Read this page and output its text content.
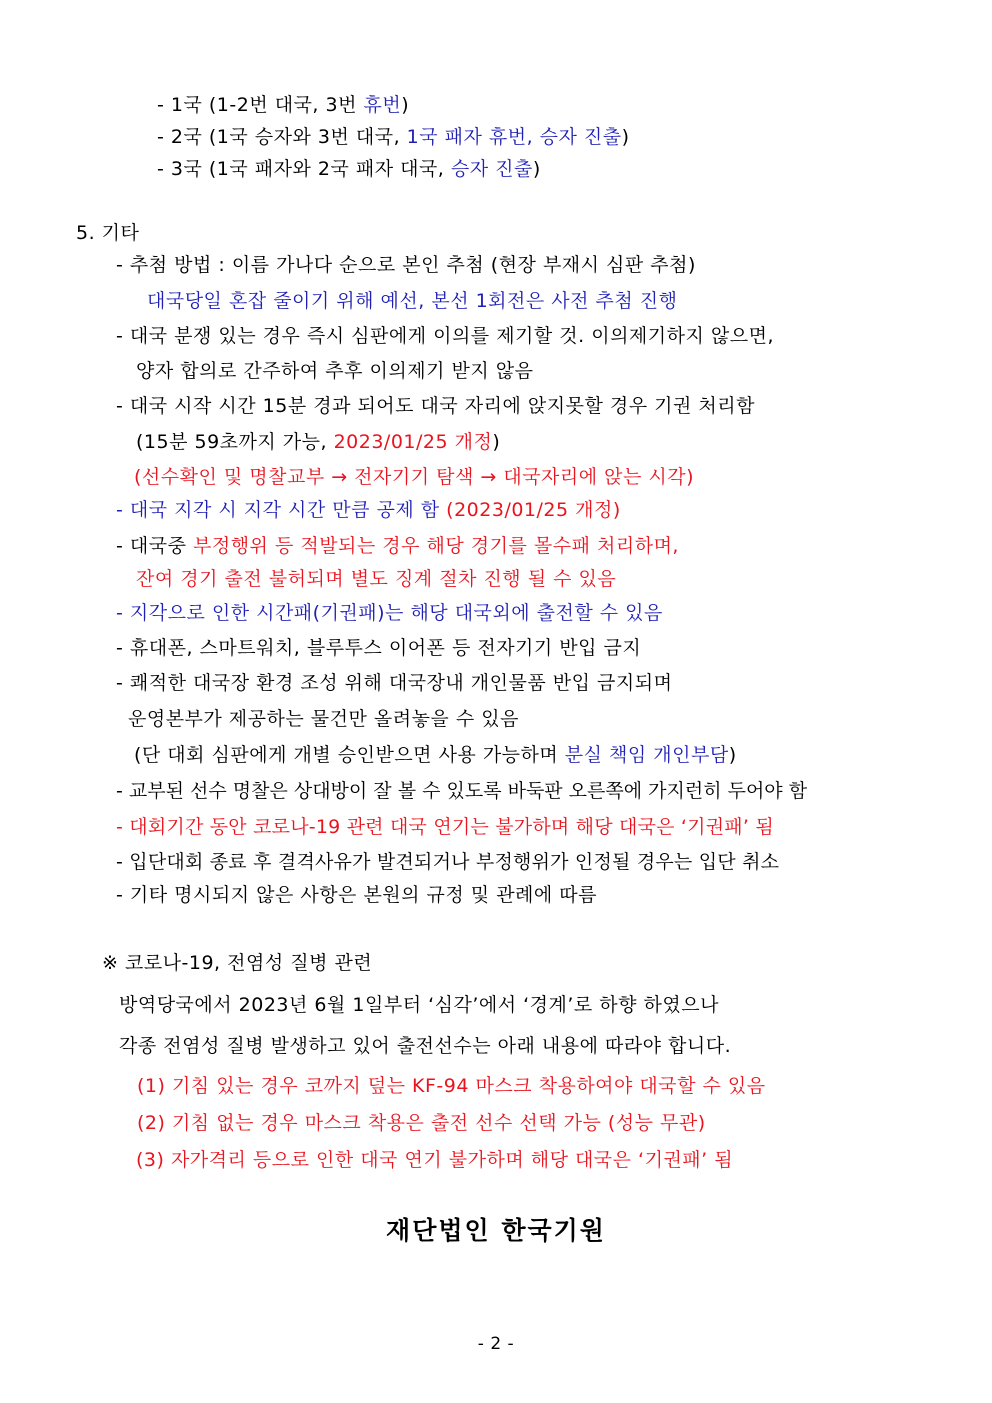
- 1국 (1-2번 대국, 3번 휴번)
- 2국 (1국 승자와 3번 대국, 1국 패자 휴번, 승자 진출)
- 3국 (1국 패자와 2국 패자 대국, 승자 진출)
5. 기타
- 추첨 방법 : 이름 가나다 순으로 본인 추첨 (현장 부재시 심판 추첨)
대국당일 혼잡 줄이기 위해 예선, 본선 1회전은 사전 추첨 진행
- 대국 분쟁 있는 경우 즉시 심판에게 이의를 제기할 것. 이의제기하지 않으면,
양자 합의로 간주하여 추후 이의제기 받지 않음
- 대국 시작 시간 15분 경과 되어도 대국 자리에 앉지못할 경우 기권 처리함
(15분 59초까지 가능, 2023/01/25 개정)
(선수확인 및 명찰교부 → 전자기기 탐색 → 대국자리에 앉는 시각)
- 대국 지각 시 지각 시간 만큼 공제 함 (2023/01/25 개정)
- 대국중 부정행위 등 적발되는 경우 해당 경기를 몰수패 처리하며,
잔여 경기 출전 불허되며 별도 징계 절차 진행 될 수 있음
- 지각으로 인한 시간패(기권패)는 해당 대국외에 출전할 수 있음
- 휴대폰, 스마트워치, 블루투스 이어폰 등 전자기기 반입 금지
- 쾌적한 대국장 환경 조성 위해 대국장내 개인물품 반입 금지되며
운영본부가 제공하는 물건만 올려놓을 수 있음
(단 대회 심판에게 개별 승인받으면 사용 가능하며 분실 책임 개인부담)
- 교부된 선수 명찰은 상대방이 잘 볼 수 있도록 바둑판 오른쪽에 가지런히 두어야 함
- 대회기간 동안 코로나-19 관련 대국 연기는 불가하며 해당 대국은 ‘기권패’ 됨
- 입단대회 종료 후 결격사유가 발견되거나 부정행위가 인정될 경우는 입단 취소
- 기타 명시되지 않은 사항은 본원의 규정 및 관례에 따름
※ 코로나-19, 전염성 질병 관련
방역당국에서 2023년 6월 1일부터 ‘심각’에서 ‘경계’로 하향 하였으나
각종 전염성 질병 발생하고 있어 출전선수는 아래 내용에 따라야 합니다.
(1) 기침 있는 경우 코까지 덮는 KF-94 마스크 착용하여야 대국할 수 있음
(2) 기침 없는 경우 마스크 착용은 출전 선수 선택 가능 (성능 무관)
(3) 자가격리 등으로 인한 대국 연기 불가하며 해당 대국은 ‘기권패’ 됨
재단법인 한국기원
- 2 -
